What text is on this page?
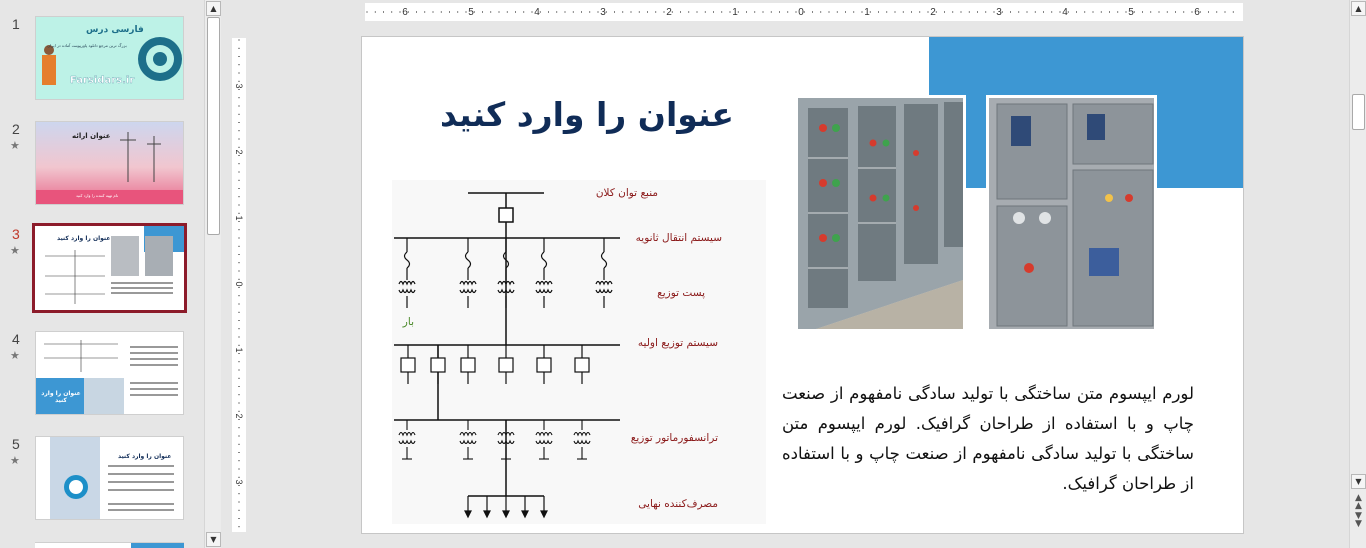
1	فارسی درس
بزرگ ترین مرجع دانلود پاورپوینت آماده در ایران
Farsidars.ir
2
★
عنوان ارائه
نام تهیه کننده را وارد کنید
3
★
عنوان را وارد کنید
4
★
عنوان را وارد کنید
5
★	عنوان را وارد کنید
▲
▼
6	5	4	3	2	1	0	1	2	3	4	5	6
3
2
1
0
1
2
3
عنوان را وارد کنید
منبع توان کلان
سیستم انتقال ثانویه
پست توزیع
بار
سیستم توزیع اولیه
ترانسفورماتور توزیع
مصرف‌کننده نهایی
لورم ایپسوم متن ساختگی با تولید سادگی نامفهوم از صنعت چاپ و با استفاده از طراحان گرافیک. لورم ایپسوم متن ساختگی با تولید سادگی نامفهوم از صنعت چاپ و با استفاده از طراحان گرافیک.
▲
▼
▲
▲
▼
▼
